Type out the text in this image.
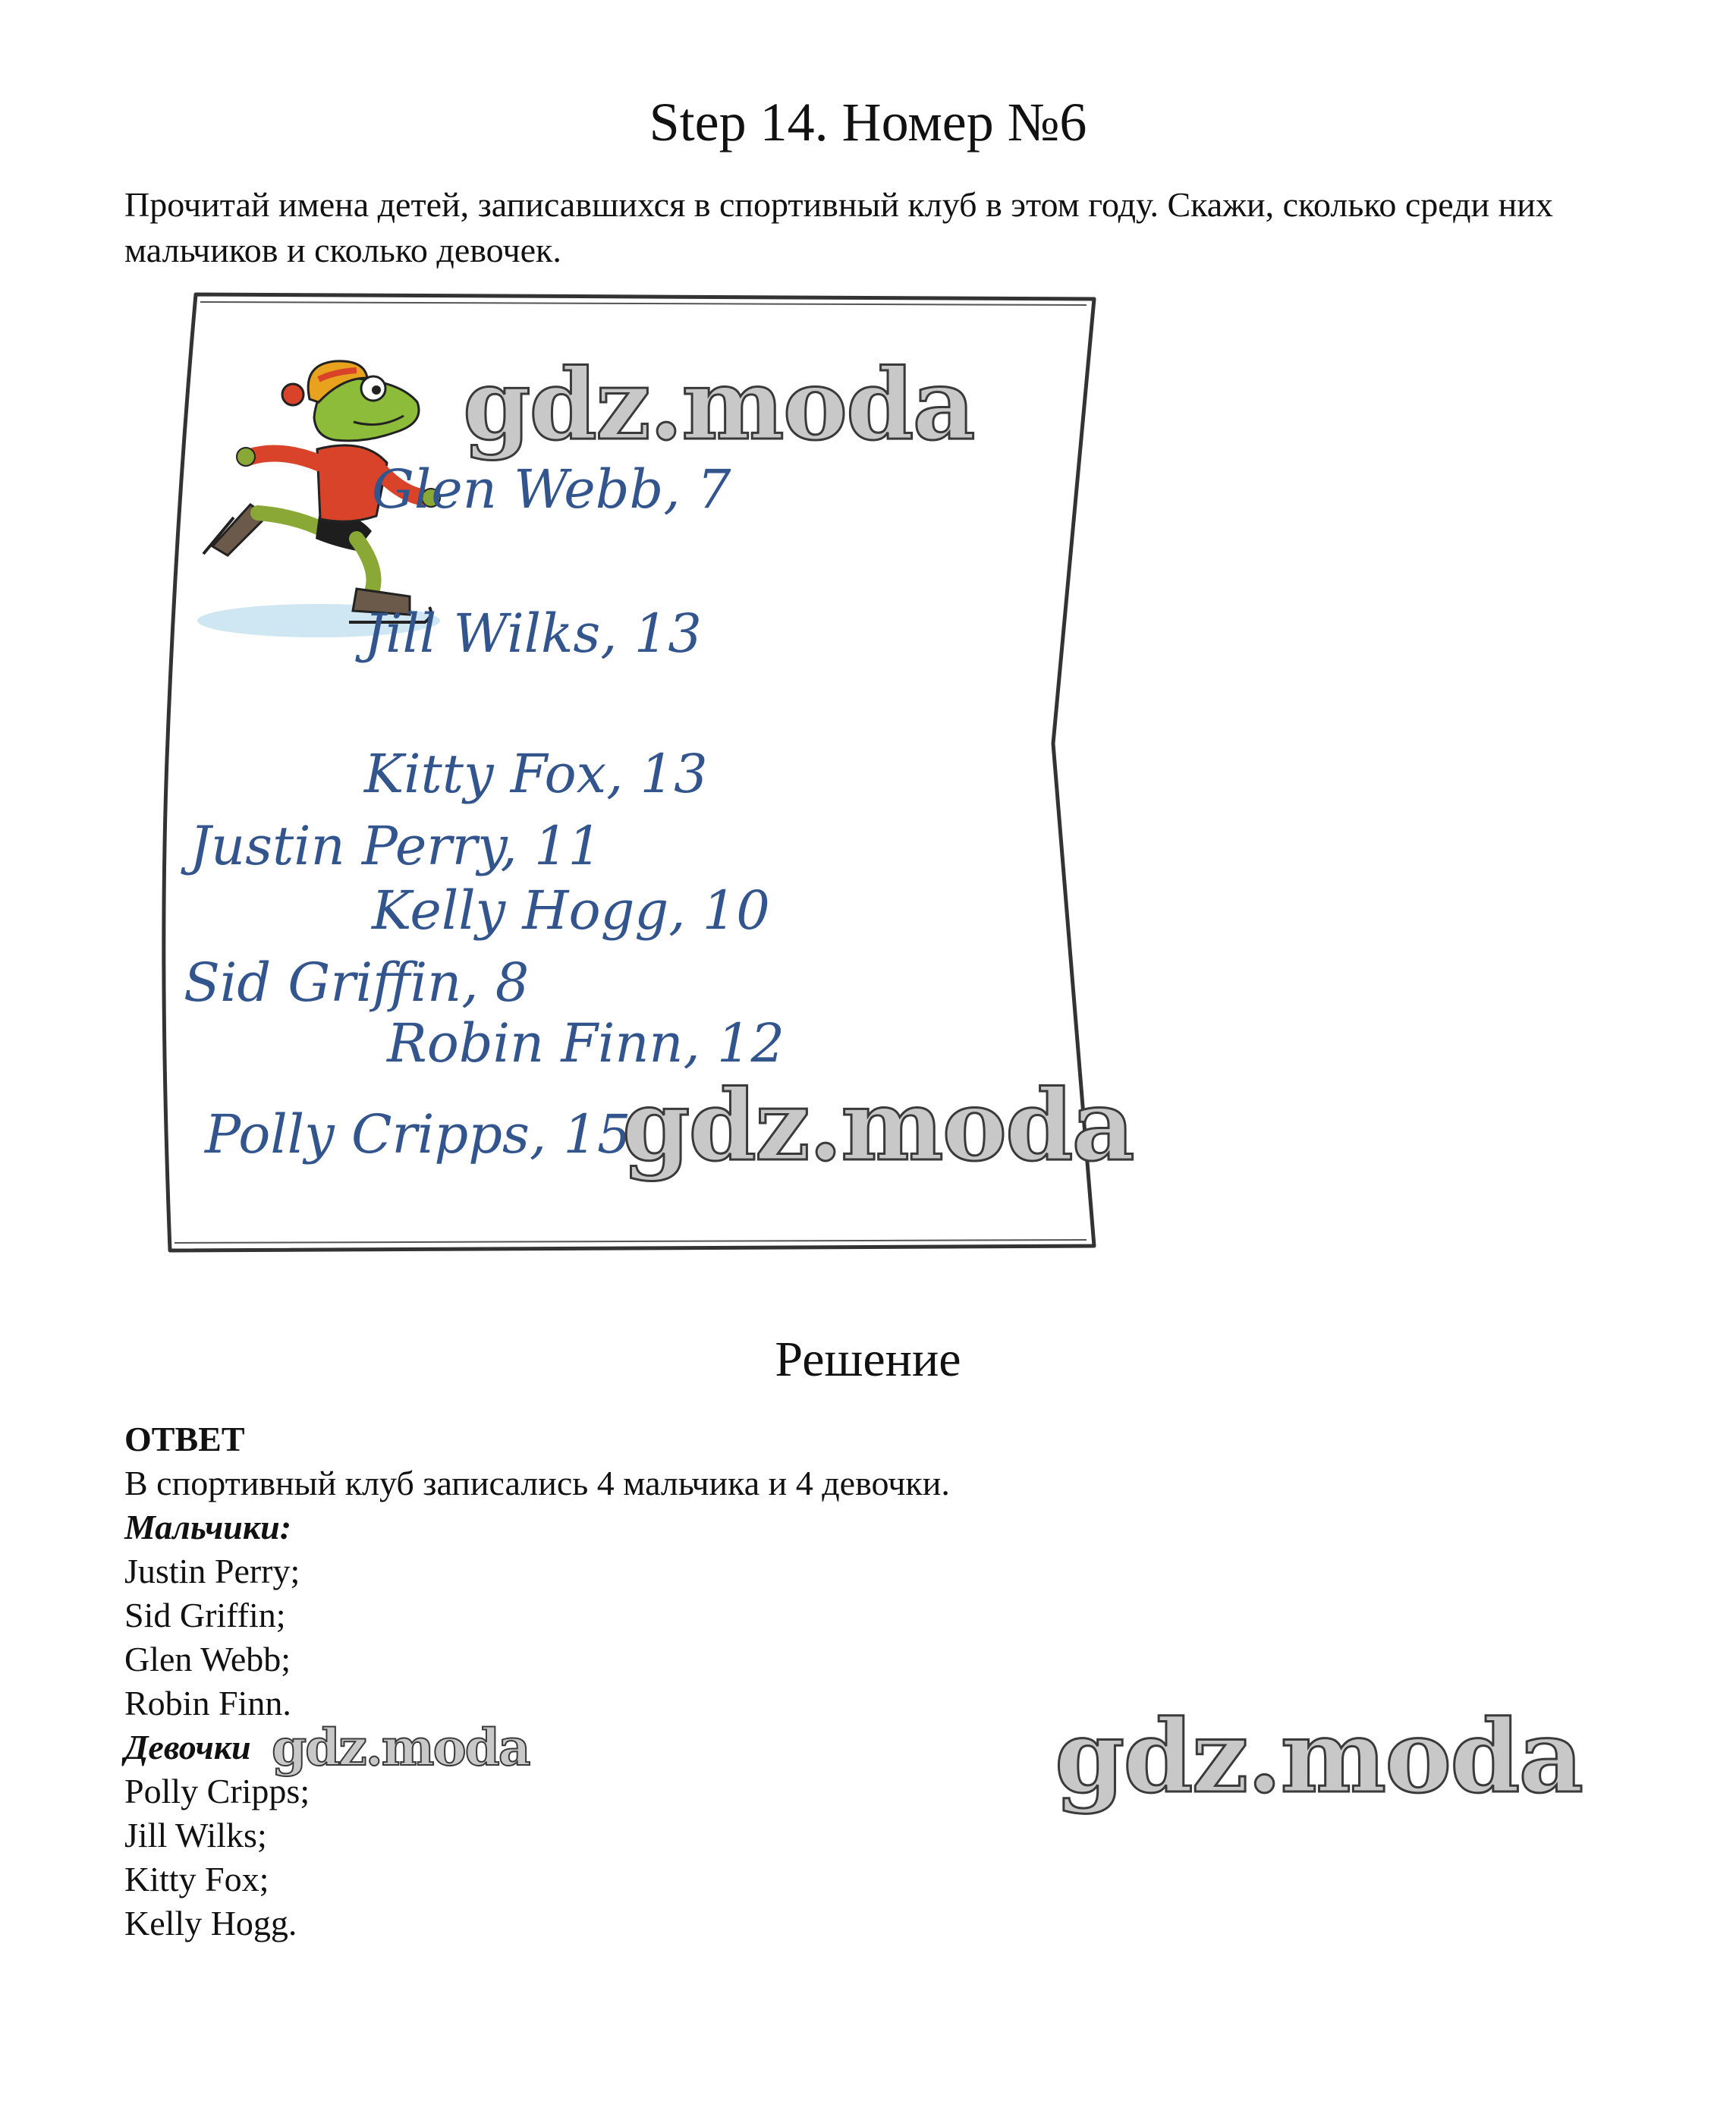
Step 14. Номер №6
Прочитай имена детей, записавшихся в спортивный клуб в этом году. Скажи, сколько среди них мальчиков и сколько девочек.
Glen Webb, 7
Jill Wilks, 13
Kitty Fox, 13
Justin Perry, 11
Kelly Hogg, 10
Sid Griffin, 8
Robin Finn, 12
Polly Cripps, 15
gdz.moda
gdz.moda
Решение
ОТВЕТ
В спортивный клуб записались 4 мальчика и 4 девочки.
Мальчики:
Justin Perry;
Sid Griffin;
Glen Webb;
Robin Finn.
Девочки
Polly Cripps;
Jill Wilks;
Kitty Fox;
Kelly Hogg.
gdz.moda	gdz.moda
